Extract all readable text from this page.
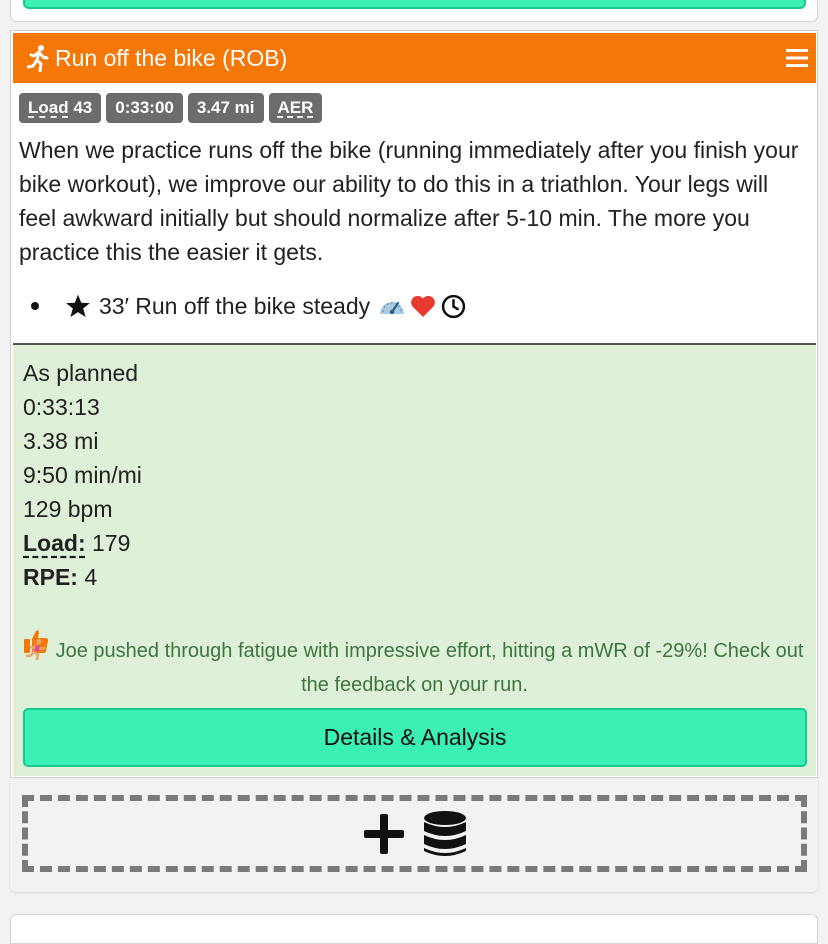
Run off the bike (ROB)
Load 43	0:33:00	3.47 mi	AER

When we practice runs off the bike (running immediately after you finish your bike workout), we improve our ability to do this in a triathlon. Your legs will feel awkward initially but should normalize after 5-10 min. The more you practice this the easier it gets.

33′ Run off the bike steady
As planned
0:33:13
3.38 mi
9:50 min/mi
129 bpm
Load: 179
RPE: 4
Joe pushed through fatigue with impressive effort, hitting a mWR of -29%! Check out the feedback on your run.
Details & Analysis
